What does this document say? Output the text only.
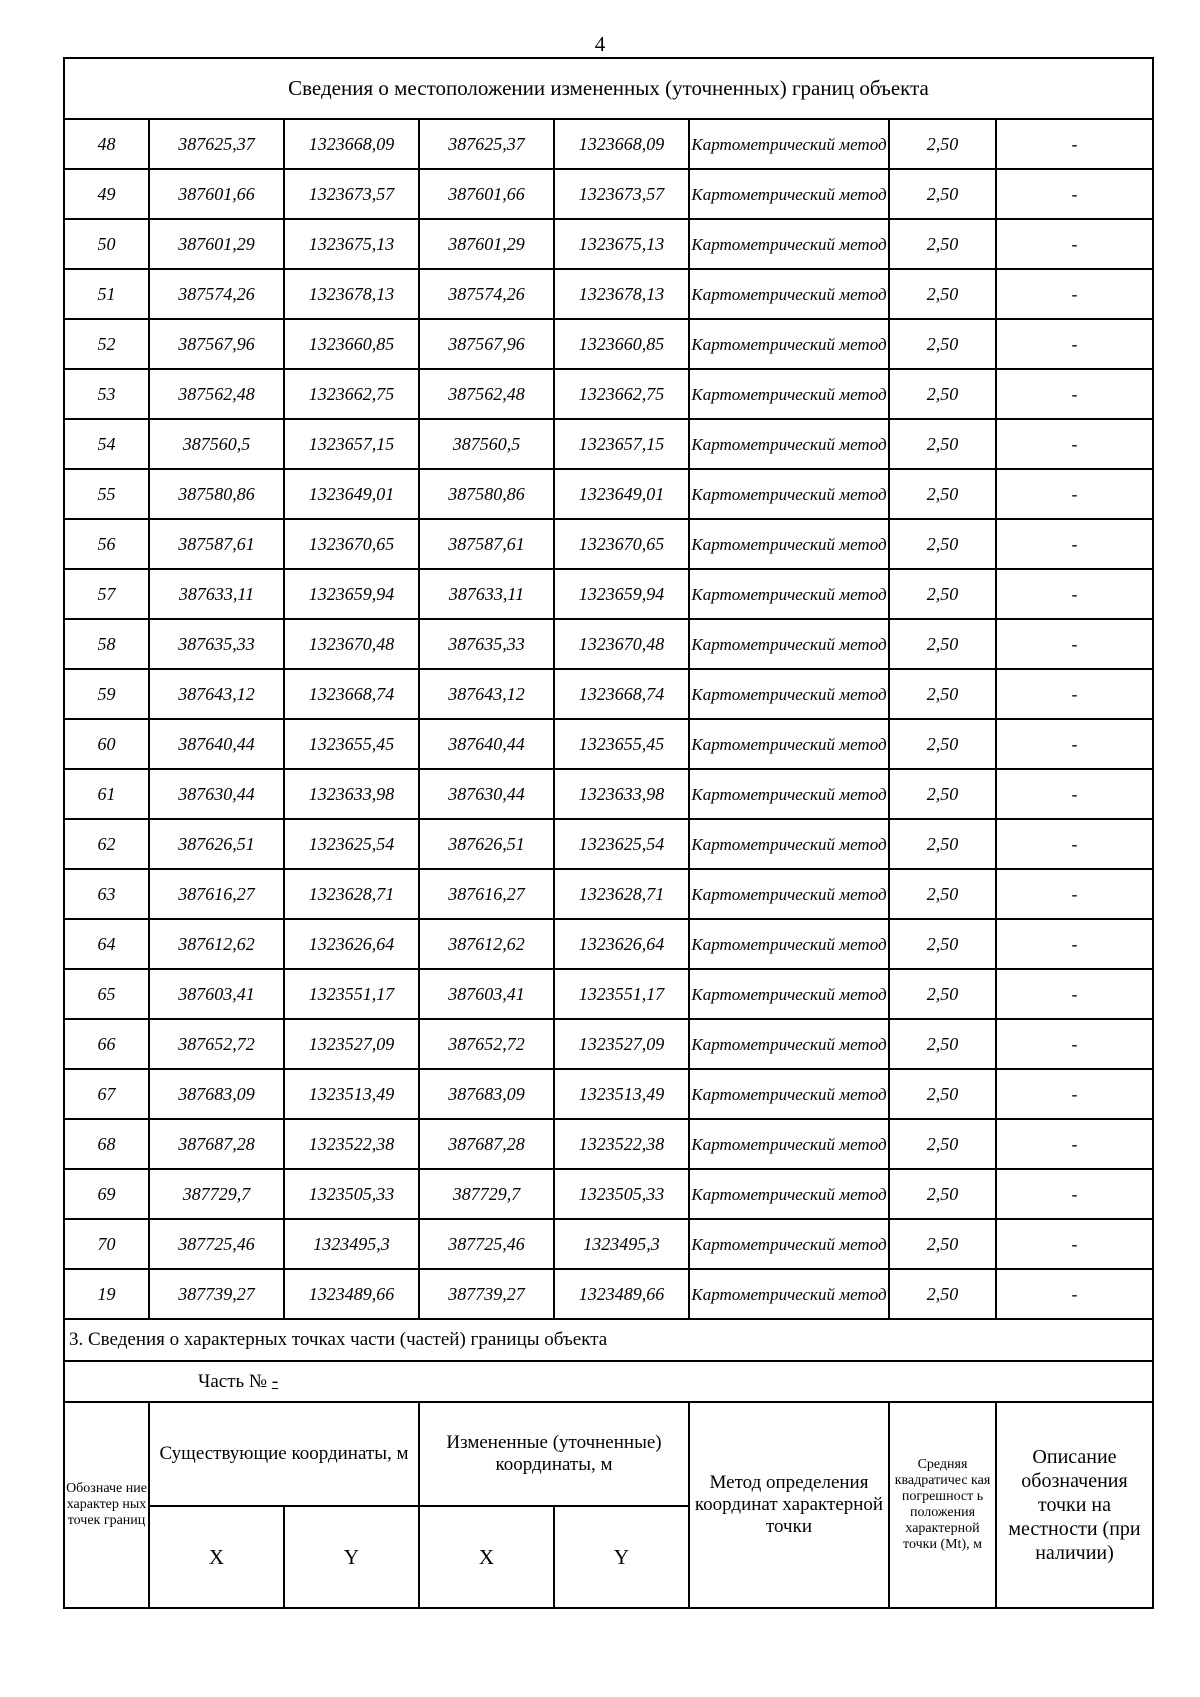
4
Сведения о местоположении измененных (уточненных) границ объекта							
48	387625,37	1323668,09	387625,37	1323668,09	Картометрический метод	2,50	-
49	387601,66	1323673,57	387601,66	1323673,57	Картометрический метод	2,50	-
50	387601,29	1323675,13	387601,29	1323675,13	Картометрический метод	2,50	-
51	387574,26	1323678,13	387574,26	1323678,13	Картометрический метод	2,50	-
52	387567,96	1323660,85	387567,96	1323660,85	Картометрический метод	2,50	-
53	387562,48	1323662,75	387562,48	1323662,75	Картометрический метод	2,50	-
54	387560,5	1323657,15	387560,5	1323657,15	Картометрический метод	2,50	-
55	387580,86	1323649,01	387580,86	1323649,01	Картометрический метод	2,50	-
56	387587,61	1323670,65	387587,61	1323670,65	Картометрический метод	2,50	-
57	387633,11	1323659,94	387633,11	1323659,94	Картометрический метод	2,50	-
58	387635,33	1323670,48	387635,33	1323670,48	Картометрический метод	2,50	-
59	387643,12	1323668,74	387643,12	1323668,74	Картометрический метод	2,50	-
60	387640,44	1323655,45	387640,44	1323655,45	Картометрический метод	2,50	-
61	387630,44	1323633,98	387630,44	1323633,98	Картометрический метод	2,50	-
62	387626,51	1323625,54	387626,51	1323625,54	Картометрический метод	2,50	-
63	387616,27	1323628,71	387616,27	1323628,71	Картометрический метод	2,50	-
64	387612,62	1323626,64	387612,62	1323626,64	Картометрический метод	2,50	-
65	387603,41	1323551,17	387603,41	1323551,17	Картометрический метод	2,50	-
66	387652,72	1323527,09	387652,72	1323527,09	Картометрический метод	2,50	-
67	387683,09	1323513,49	387683,09	1323513,49	Картометрический метод	2,50	-
68	387687,28	1323522,38	387687,28	1323522,38	Картометрический метод	2,50	-
69	387729,7	1323505,33	387729,7	1323505,33	Картометрический метод	2,50	-
70	387725,46	1323495,3	387725,46	1323495,3	Картометрический метод	2,50	-
19	387739,27	1323489,66	387739,27	1323489,66	Картометрический метод	2,50	-
3. Сведения о характерных точках части (частей) границы объекта							
Часть № -							
Обозначе ние характер ных точек границ	Существующие координаты, м		Измененные (уточненные) координаты, м		Метод определения координат характерной точки	Средняя квадратичес кая погрешност ь положения характерной точки (Mt), м	Описание обозначения точки на местности (при наличии)
	X	Y	X	Y			
